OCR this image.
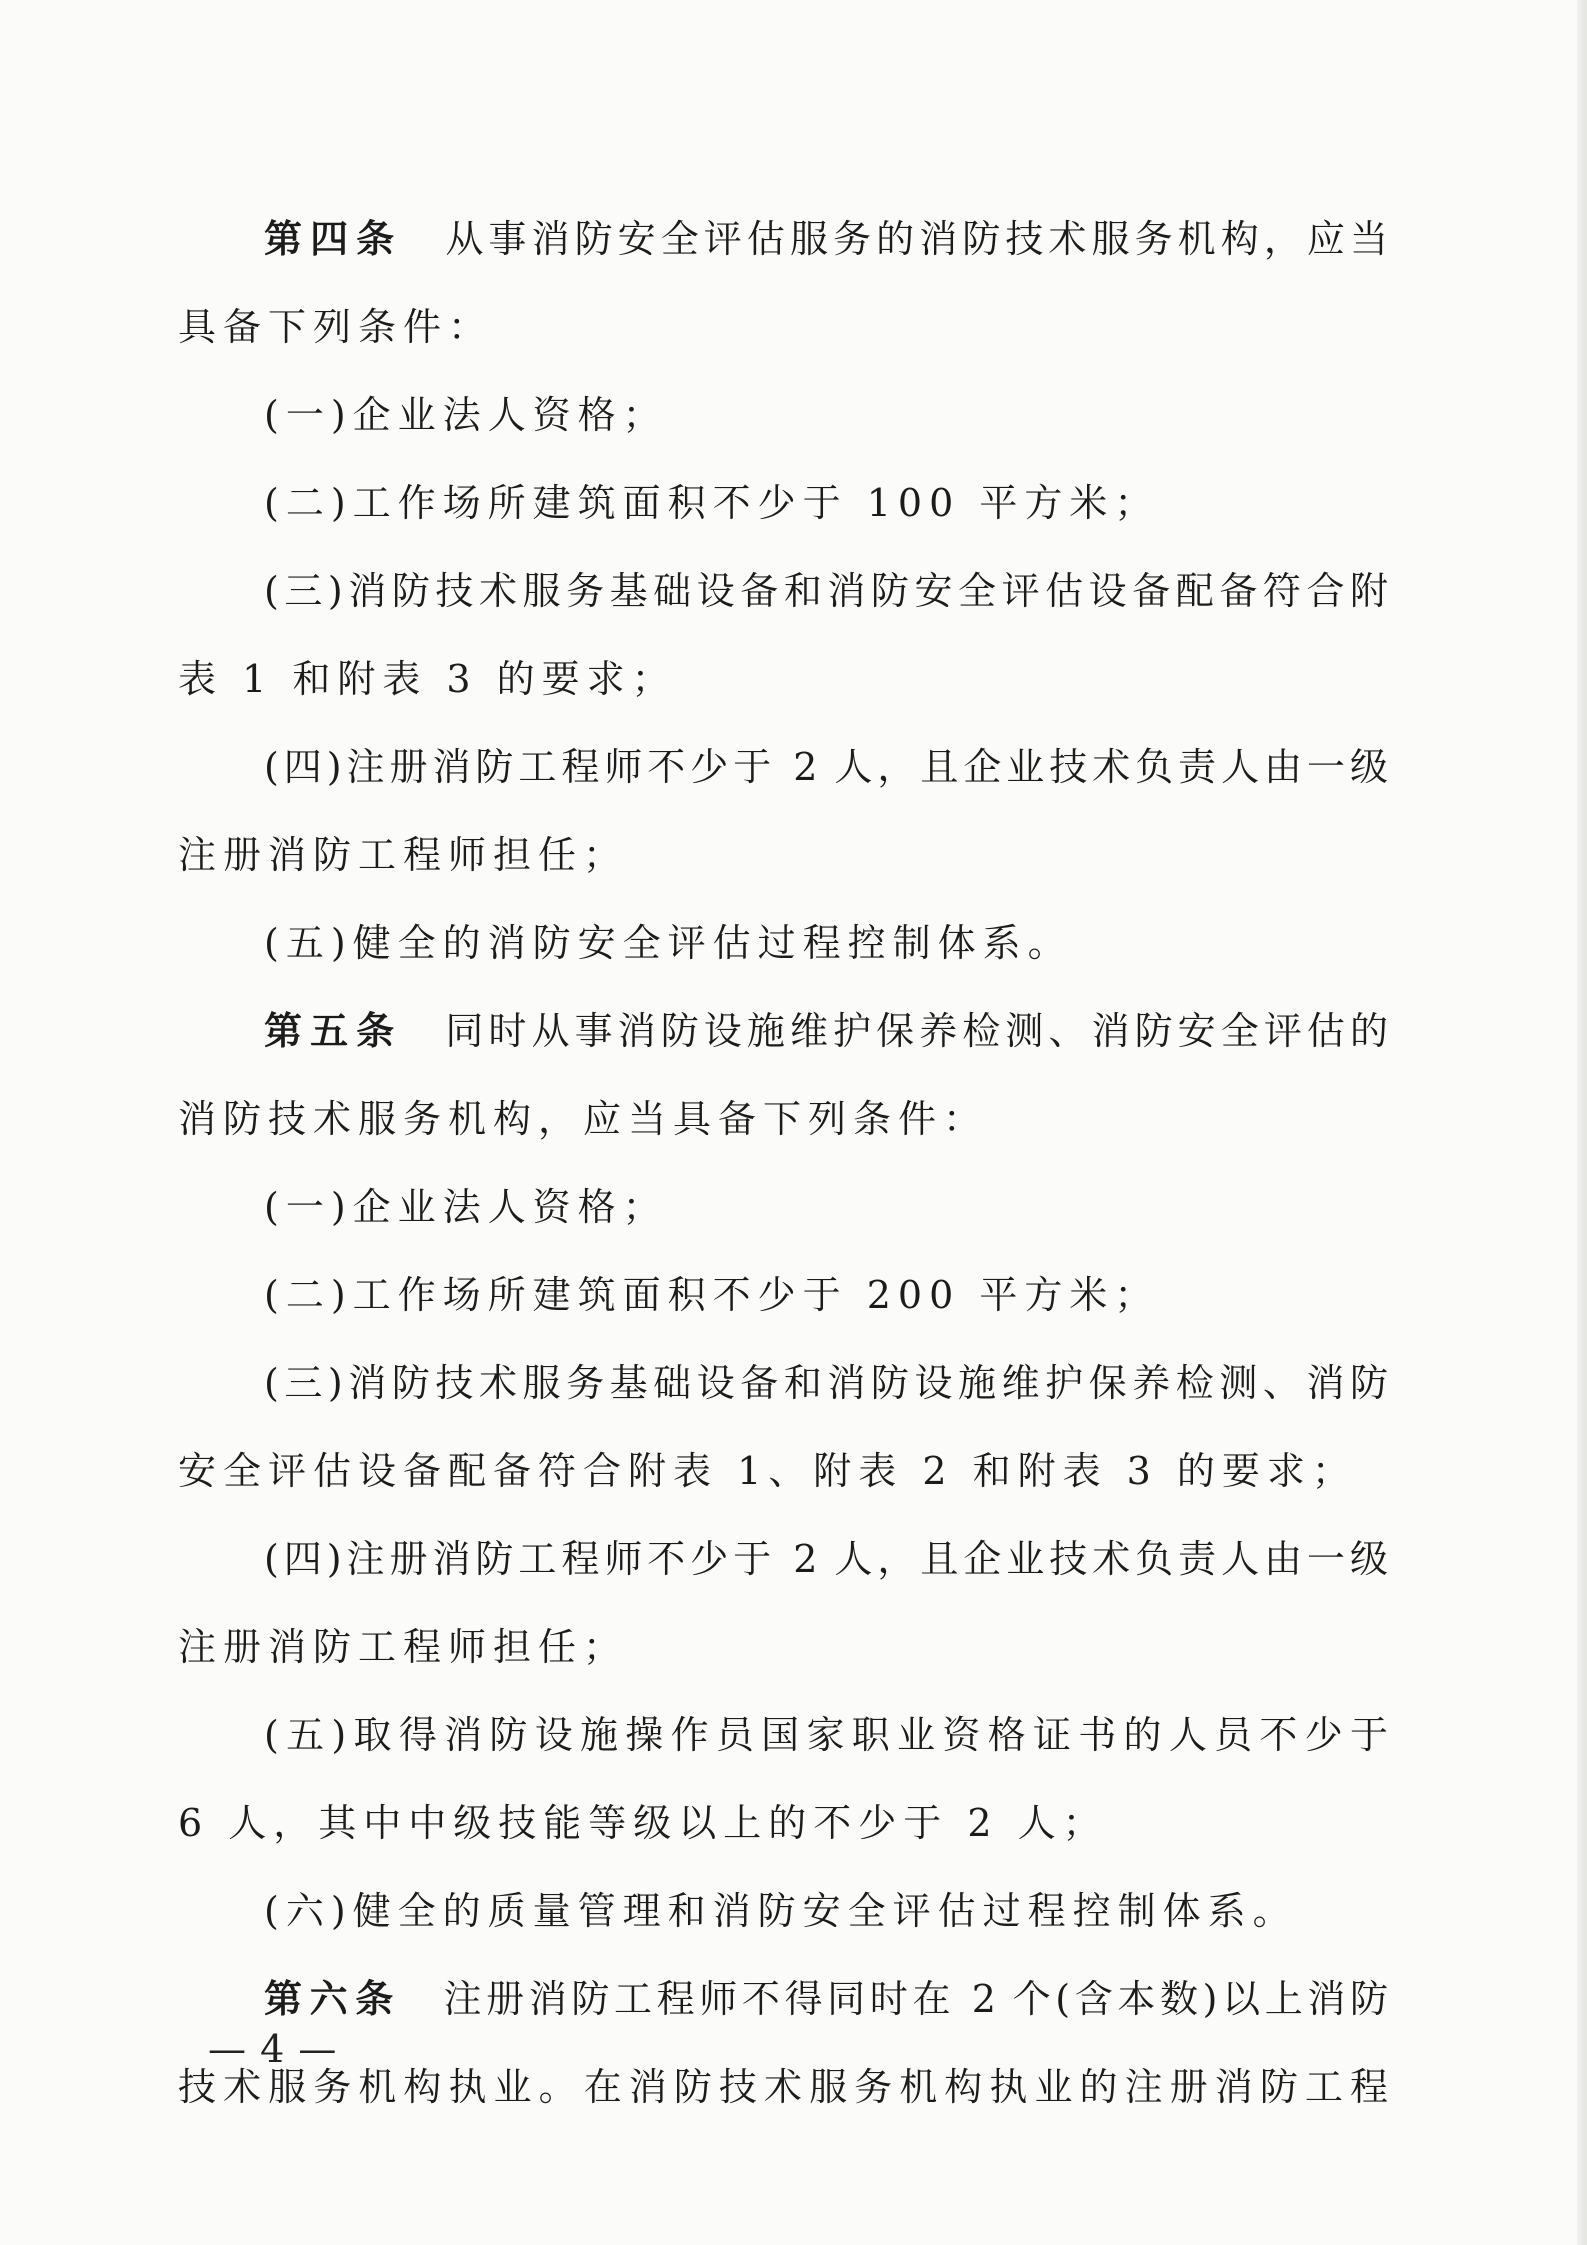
第四条 从事消防安全评估服务的消防技术服务机构，应当
具备下列条件：
(一)企业法人资格；
(二)工作场所建筑面积不少于 100 平方米；
(三)消防技术服务基础设备和消防安全评估设备配备符合附
表 1 和附表 3 的要求；
(四)注册消防工程师不少于 2 人，且企业技术负责人由一级
注册消防工程师担任；
(五)健全的消防安全评估过程控制体系。
第五条 同时从事消防设施维护保养检测、消防安全评估的
消防技术服务机构，应当具备下列条件：
(一)企业法人资格；
(二)工作场所建筑面积不少于 200 平方米；
(三)消防技术服务基础设备和消防设施维护保养检测、消防
安全评估设备配备符合附表 1、附表 2 和附表 3 的要求；
(四)注册消防工程师不少于 2 人，且企业技术负责人由一级
注册消防工程师担任；
(五)取得消防设施操作员国家职业资格证书的人员不少于
6 人，其中中级技能等级以上的不少于 2 人；
(六)健全的质量管理和消防安全评估过程控制体系。
第六条 注册消防工程师不得同时在 2 个(含本数)以上消防
技术服务机构执业。在消防技术服务机构执业的注册消防工程
— 4 —
